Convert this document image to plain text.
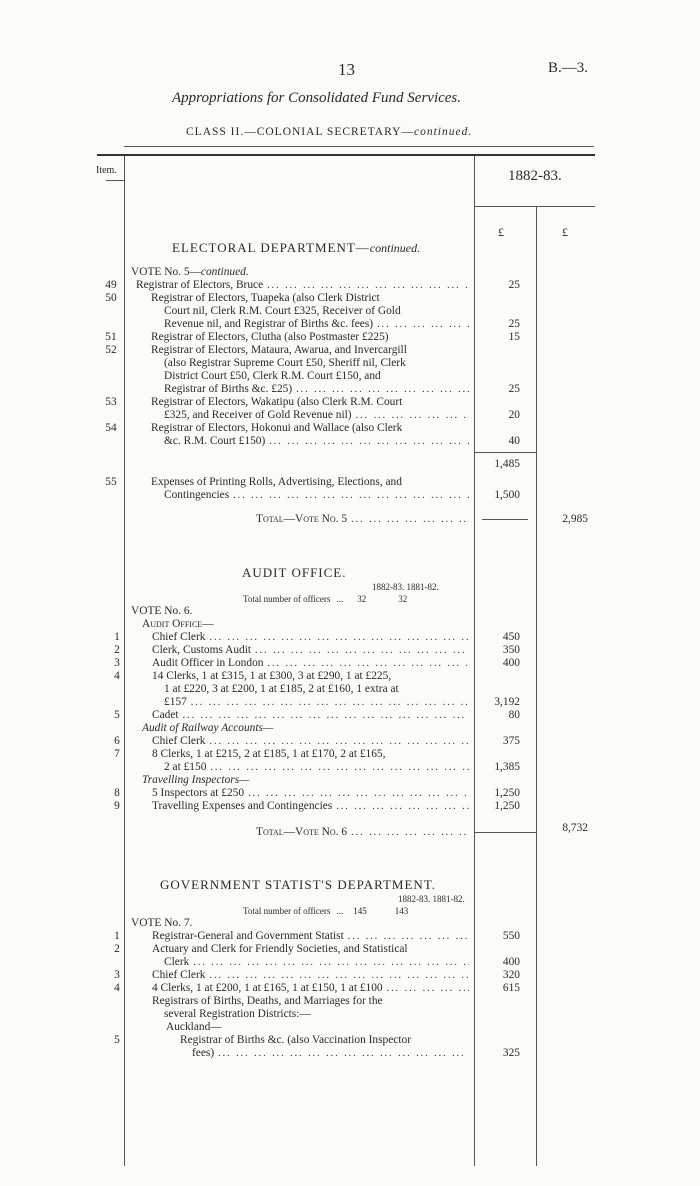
13	B.—3.
Appropriations for Consolidated Fund Services.
CLASS II.—COLONIAL SECRETARY—continued.
Item.	1882-83.
£	£
ELECTORAL DEPARTMENT—continued.
VOTE No. 5—continued.
49	Registrar of Electors, Bruce ... .	25
50	Registrar of Electors, Tuapeka (also Clerk District
Court nil, Clerk R.M. Court £325, Receiver of Gold
Revenue nil, and Registrar of Births &c. fees) ... .	25
51	Registrar of Electors, Clutha (also Postmaster £225)	15
52	Registrar of Electors, Mataura, Awarua, and Invercargill
(also Registrar Supreme Court £50, Sheriff nil, Clerk
District Court £50, Clerk R.M. Court £150, and
Registrar of Births &c. £25) ... .	25
53	Registrar of Electors, Wakatipu (also Clerk R.M. Court
£325, and Receiver of Gold Revenue nil) ... .	20
54	Registrar of Electors, Hokonui and Wallace (also Clerk
&c. R.M. Court £150) ... .	40
1,485
55	Expenses of Printing Rolls, Advertising, Elections, and
Contingencies ... .	1,500
Total—Vote No. 5 ... .	2,985
AUDIT OFFICE.
1882-83. 1881-82.
Total number of officers ... 32	32
VOTE No. 6.
Audit Office—
1	Chief Clerk ... .	450
2	Clerk, Customs Audit ... .	350
3	Audit Officer in London ... .	400
4	14 Clerks, 1 at £315, 1 at £300, 3 at £290, 1 at £225,
1 at £220, 3 at £200, 1 at £185, 2 at £160, 1 extra at
£157 ... .	3,192
5	Cadet ... .	80
Audit of Railway Accounts—
6	Chief Clerk ... .	375
7	8 Clerks, 1 at £215, 2 at £185, 1 at £170, 2 at £165,
2 at £150 ... .	1,385
Travelling Inspectors—
8	5 Inspectors at £250 ... .	1,250
9	Travelling Expenses and Contingencies ... .	1,250
Total—Vote No. 6 ... .	8,732
GOVERNMENT STATIST'S DEPARTMENT.
1882-83. 1881-82.
Total number of officers ... 145	143
VOTE No. 7.
1	Registrar-General and Government Statist ... .	550
2	Actuary and Clerk for Friendly Societies, and Statistical
Clerk ... .	400
3	Chief Clerk ... .	320
4	4 Clerks, 1 at £200, 1 at £165, 1 at £150, 1 at £100 ... .	615
Registrars of Births, Deaths, and Marriages for the
several Registration Districts:—
Auckland—
5	Registrar of Births &c. (also Vaccination Inspector
fees) ... .	325
